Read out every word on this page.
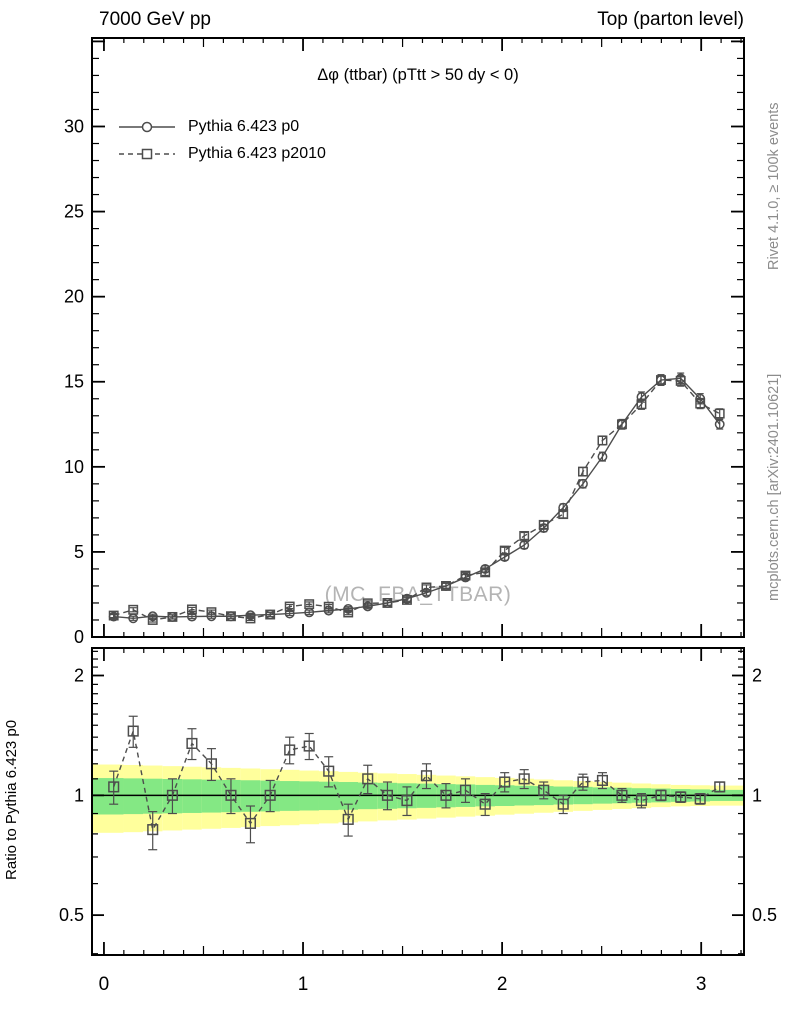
(MC_FBA_TTBAR)
0
5
10
15
20
25
30
0.5	0.5
1	1
2	2
0	1	2	3
7000 GeV pp	Top (parton level)
Δφ (ttbar) (pTtt > 50 dy < 0)
Pythia 6.423 p0
Pythia 6.423 p2010	Rivet 4.1.0, ≥ 100k events
mcplots.cern.ch [arXiv:2401.10621]
Ratio to Pythia 6.423 p0
